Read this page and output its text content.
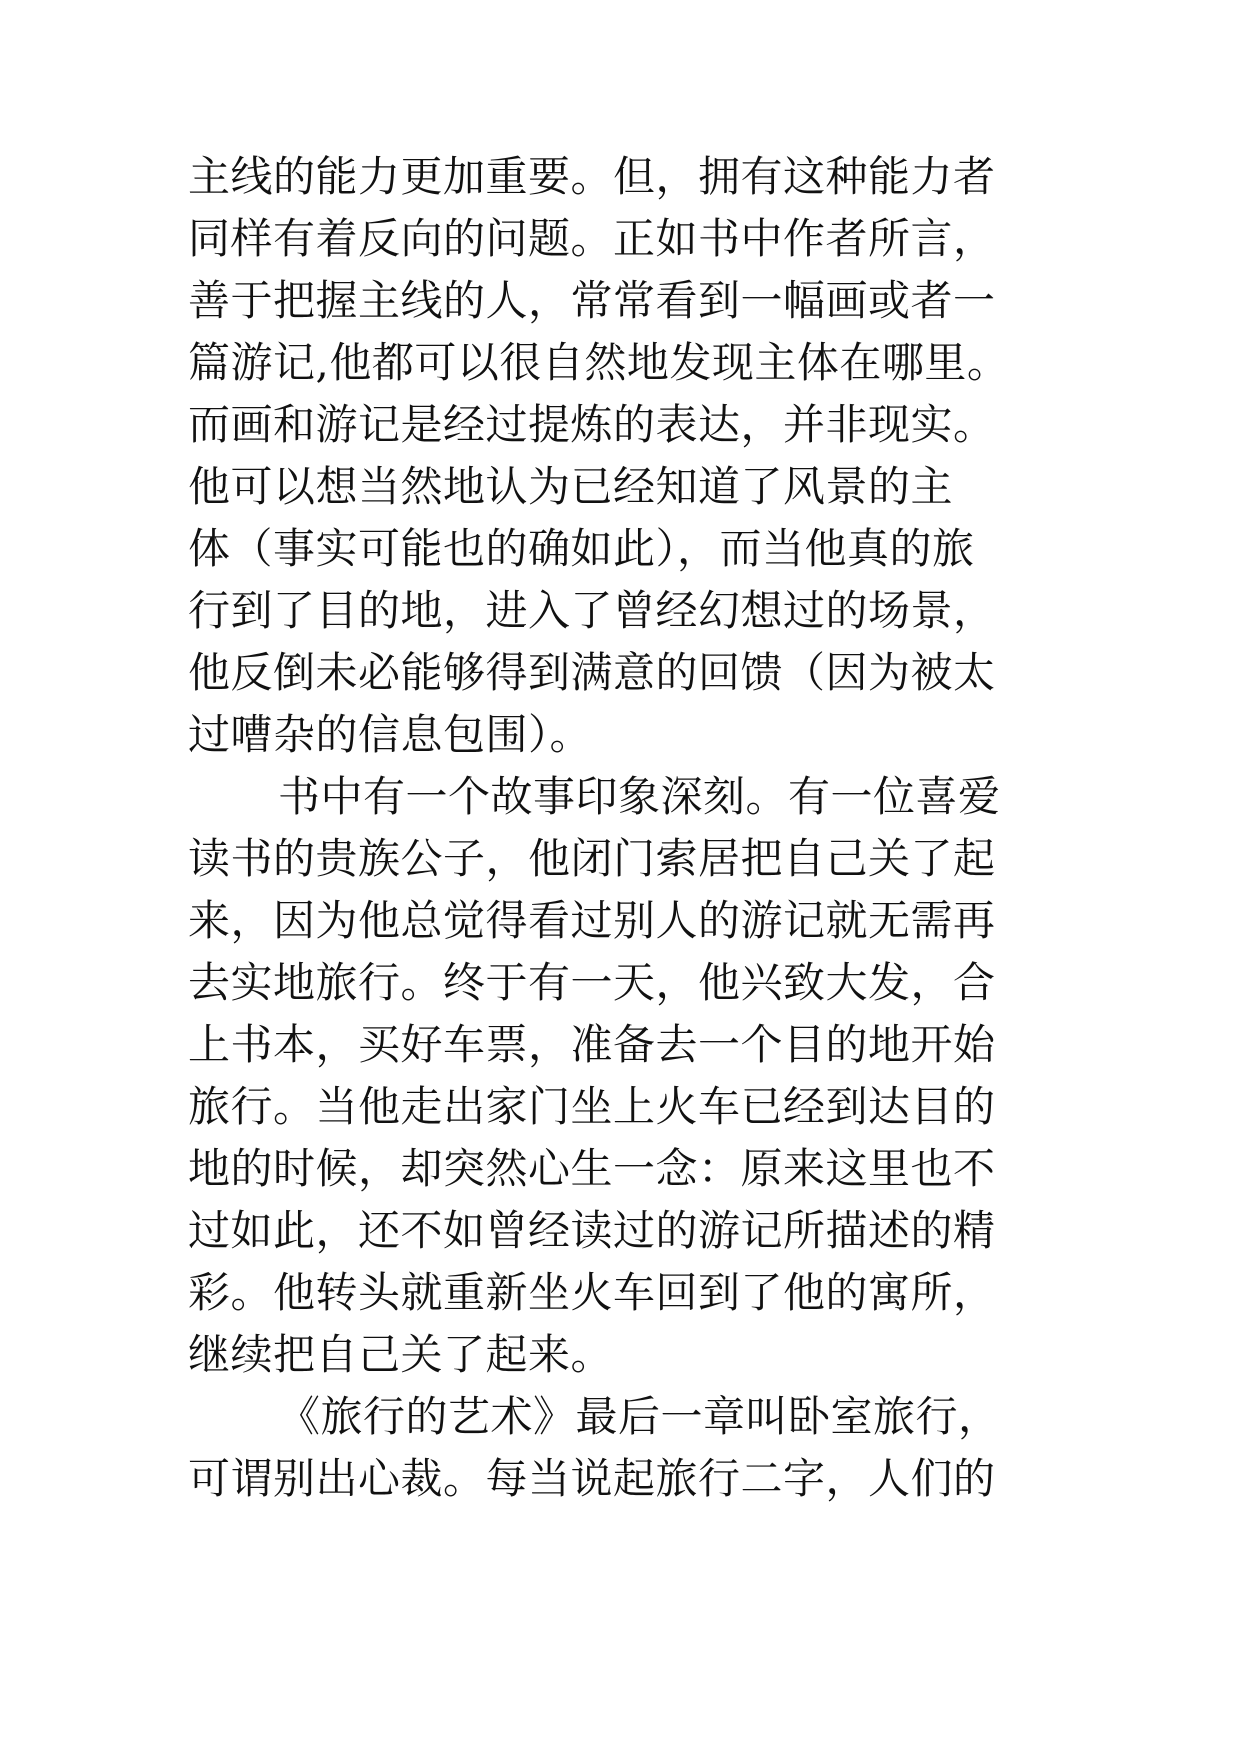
主线的能力更加重要。但，拥有这种能力者
同样有着反向的问题。正如书中作者所言，
善于把握主线的人，常常看到一幅画或者一
篇游记,他都可以很自然地发现主体在哪里。
而画和游记是经过提炼的表达，并非现实。
他可以想当然地认为已经知道了风景的主
体（事实可能也的确如此），而当他真的旅
行到了目的地，进入了曾经幻想过的场景，
他反倒未必能够得到满意的回馈（因为被太
过嘈杂的信息包围）。
书中有一个故事印象深刻。有一位喜爱
读书的贵族公子，他闭门索居把自己关了起
来，因为他总觉得看过别人的游记就无需再
去实地旅行。终于有一天，他兴致大发，合
上书本，买好车票，准备去一个目的地开始
旅行。当他走出家门坐上火车已经到达目的
地的时候，却突然心生一念：原来这里也不
过如此，还不如曾经读过的游记所描述的精
彩。他转头就重新坐火车回到了他的寓所，
继续把自己关了起来。
《旅行的艺术》最后一章叫卧室旅行，
可谓别出心裁。每当说起旅行二字，人们的
